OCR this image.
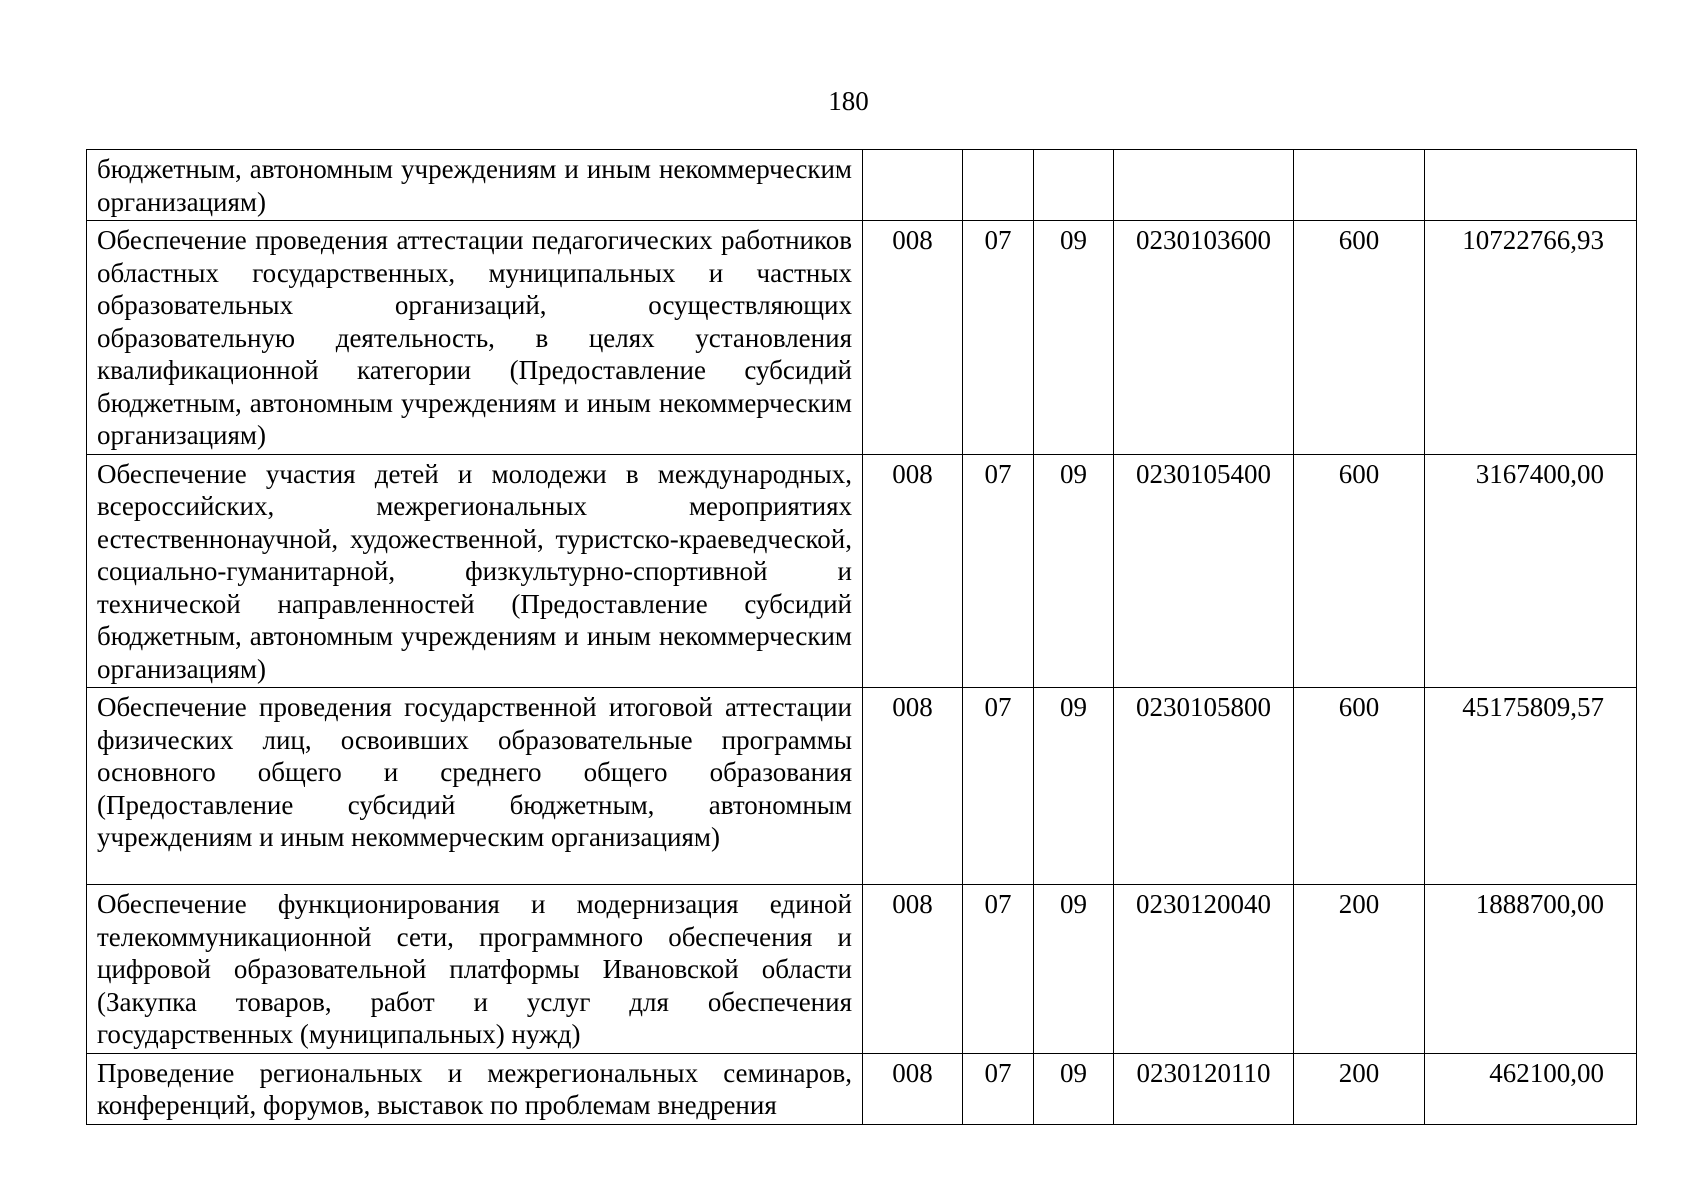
180
бюджетным, автономным учреждениям и иным некоммерческим организациям)						
Обеспечение проведения аттестации педагогических работников областных государственных, муниципальных и частных образовательных организаций, осуществляющих образовательную деятельность, в целях установления квалификационной категории (Предоставление субсидий бюджетным, автономным учреждениям и иным некоммерческим организациям)	008	07	09	0230103600	600	10722766,93
Обеспечение участия детей и молодежи в международных, всероссийских, межрегиональных мероприятиях естественнонаучной, художественной, туристско-краеведческой, социально-гуманитарной, физкультурно-спортивной и технической направленностей (Предоставление субсидий бюджетным, автономным учреждениям и иным некоммерческим организациям)	008	07	09	0230105400	600	3167400,00
Обеспечение проведения государственной итоговой аттестации физических лиц, освоивших образовательные программы основного общего и среднего общего образования (Предоставление субсидий бюджетным, автономным учреждениям и иным некоммерческим организациям)	008	07	09	0230105800	600	45175809,57
Обеспечение функционирования и модернизация единой телекоммуникационной сети, программного обеспечения и цифровой образовательной платформы Ивановской области (Закупка товаров, работ и услуг для обеспечения государственных (муниципальных) нужд)	008	07	09	0230120040	200	1888700,00
Проведение региональных и межрегиональных семинаров, конференций, форумов, выставок по проблемам внедрения	008	07	09	0230120110	200	462100,00
